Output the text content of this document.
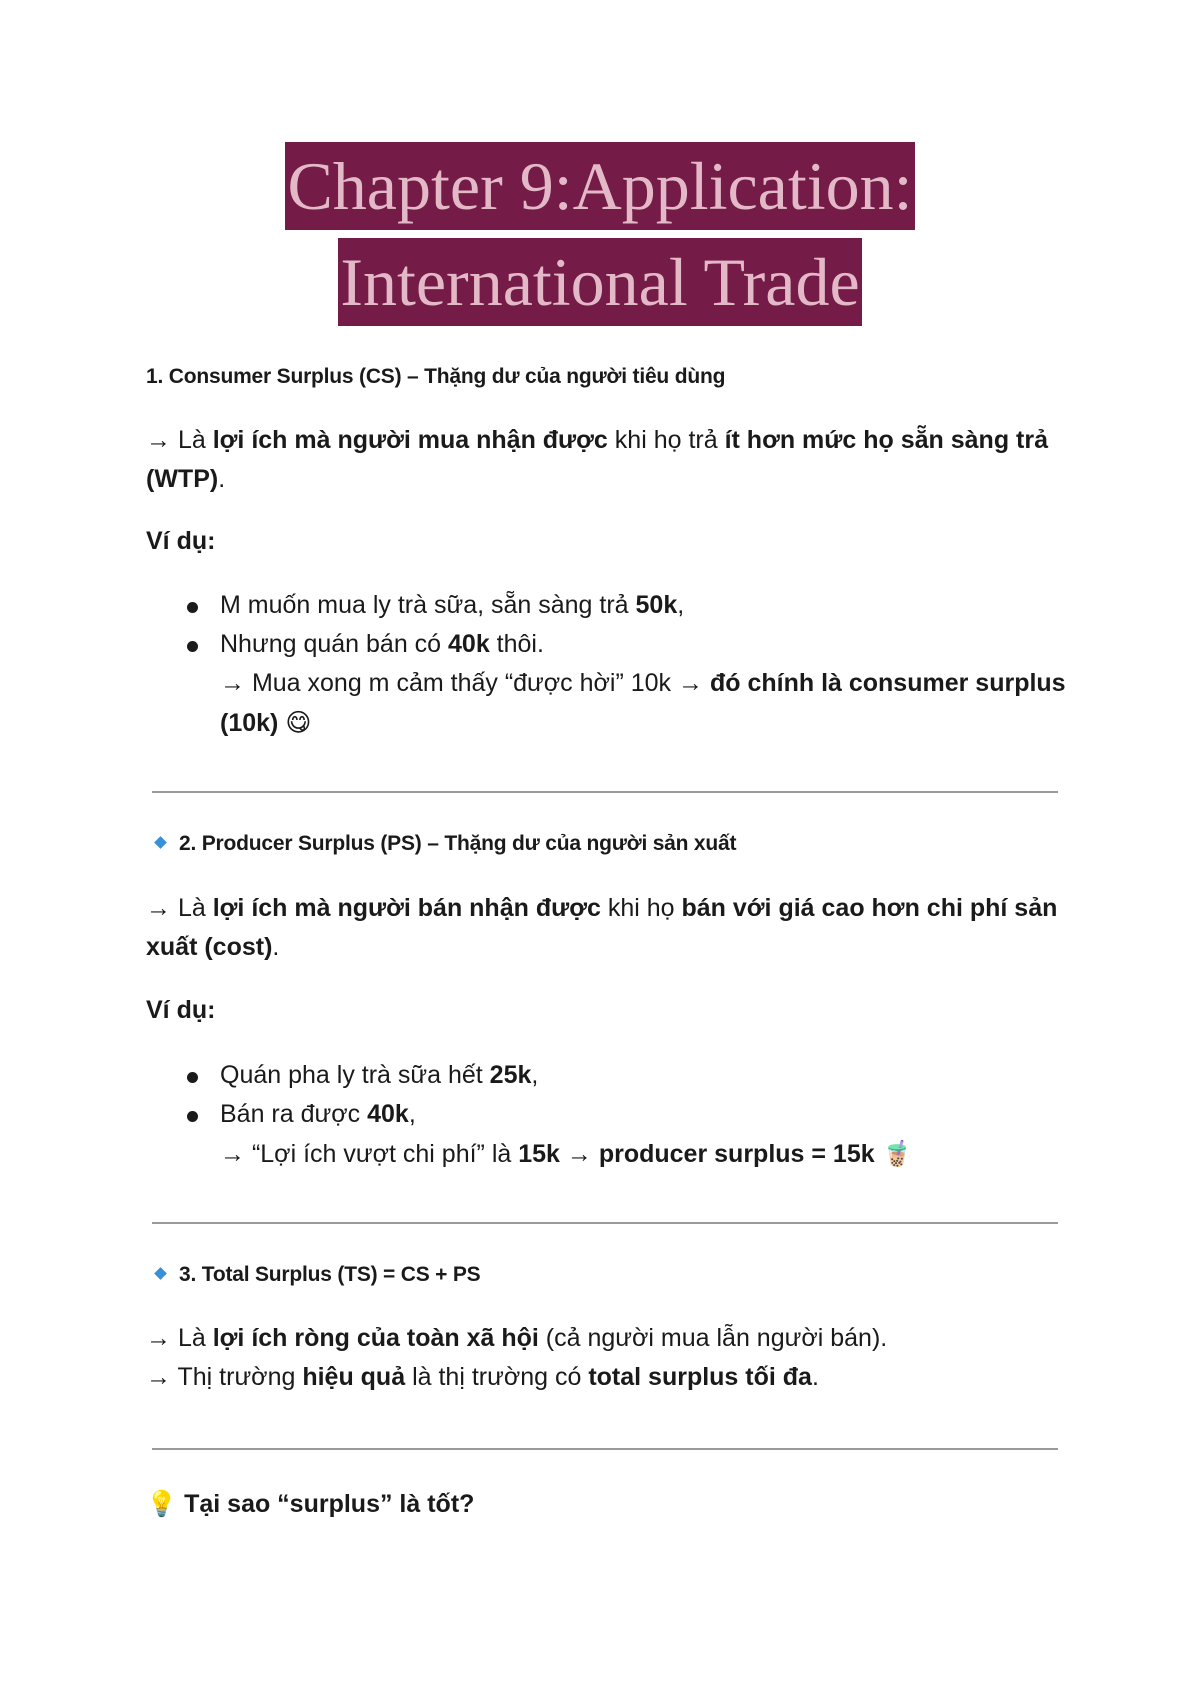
Chapter 9:Application:
International Trade
1. Consumer Surplus (CS) – Thặng dư của người tiêu dùng
→ Là lợi ích mà người mua nhận được khi họ trả ít hơn mức họ sẵn sàng trả (WTP).
Ví dụ:
M muốn mua ly trà sữa, sẵn sàng trả 50k,
Nhưng quán bán có 40k thôi.
→ Mua xong m cảm thấy “được hời” 10k → đó chính là consumer surplus (10k) 😋
2. Producer Surplus (PS) – Thặng dư của người sản xuất
→ Là lợi ích mà người bán nhận được khi họ bán với giá cao hơn chi phí sản xuất (cost).
Ví dụ:
Quán pha ly trà sữa hết 25k,
Bán ra được 40k,
→ “Lợi ích vượt chi phí” là 15k → producer surplus = 15k 🧋
3. Total Surplus (TS) = CS + PS
→ Là lợi ích ròng của toàn xã hội (cả người mua lẫn người bán).
→ Thị trường hiệu quả là thị trường có total surplus tối đa.
💡 Tại sao “surplus” là tốt?
